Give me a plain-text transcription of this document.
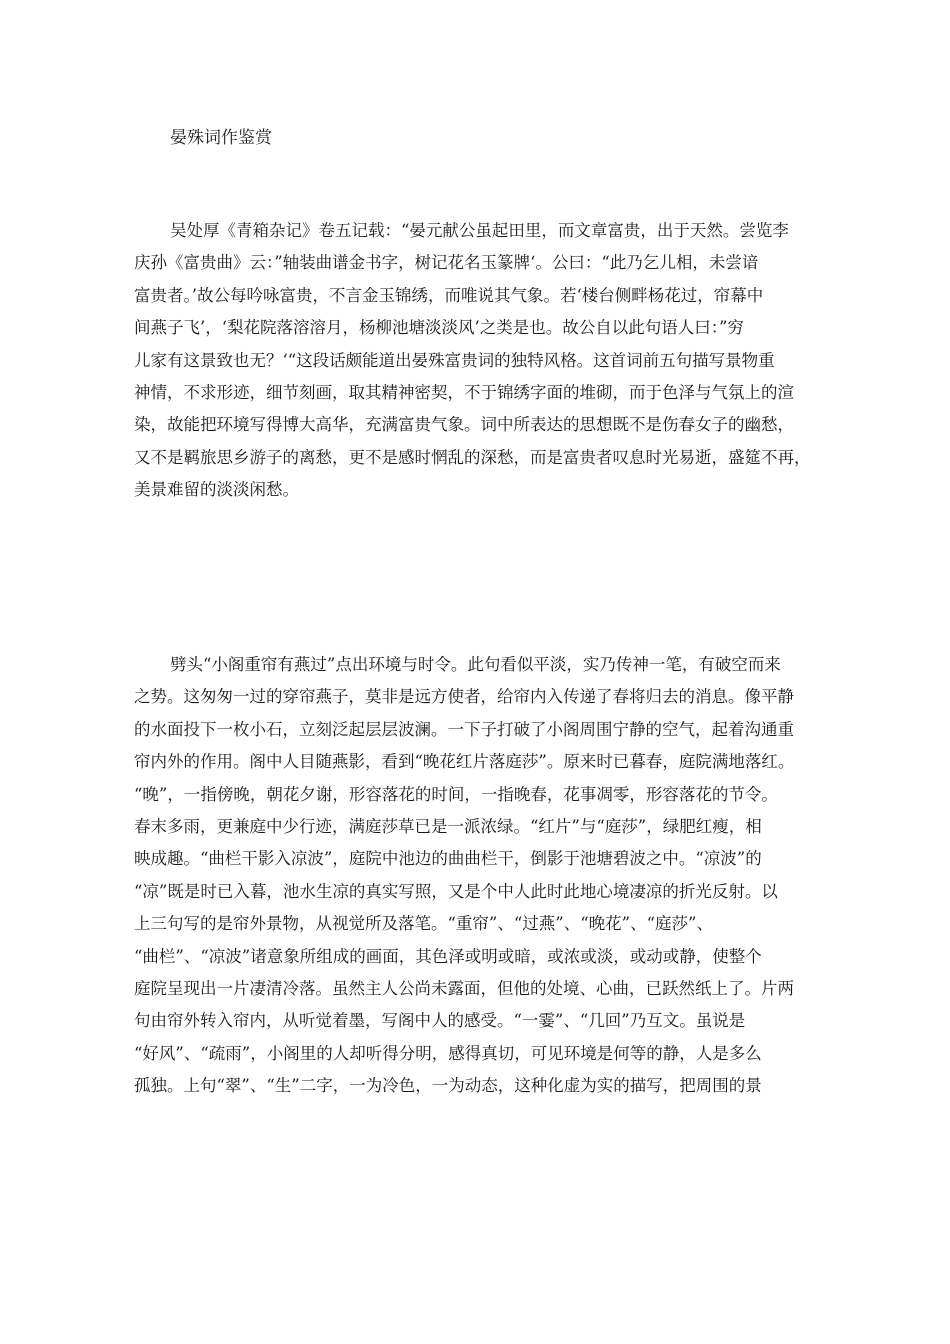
晏殊词作鉴赏
吴处厚《青箱杂记》卷五记载：“晏元献公虽起田里，而文章富贵，出于天然。尝览李
庆孙《富贵曲》云：”轴装曲谱金书字，树记花名玉篆牌‘。公曰：“此乃乞儿相，未尝谙
富贵者。’故公每吟咏富贵，不言金玉锦绣，而唯说其气象。若‘楼台侧畔杨花过，帘幕中
间燕子飞’，‘梨花院落溶溶月，杨柳池塘淡淡风’之类是也。故公自以此句语人曰：”穷
儿家有这景致也无？‘“这段话颇能道出晏殊富贵词的独特风格。这首词前五句描写景物重
神情，不求形迹，细节刻画，取其精神密契，不于锦绣字面的堆砌，而于色泽与气氛上的渲
染，故能把环境写得博大高华，充满富贵气象。词中所表达的思想既不是伤春女子的幽愁，
又不是羁旅思乡游子的离愁，更不是感时惘乱的深愁，而是富贵者叹息时光易逝，盛筵不再，
美景难留的淡淡闲愁。
劈头“小阁重帘有燕过”点出环境与时令。此句看似平淡，实乃传神一笔，有破空而来
之势。这匆匆一过的穿帘燕子，莫非是远方使者，给帘内入传递了春将归去的消息。像平静
的水面投下一枚小石，立刻泛起层层波澜。一下子打破了小阁周围宁静的空气，起着沟通重
帘内外的作用。阁中人目随燕影，看到“晚花红片落庭莎”。原来时已暮春，庭院满地落红。
“晚”，一指傍晚，朝花夕谢，形容落花的时间，一指晚春，花事凋零，形容落花的节令。
春末多雨，更兼庭中少行迹，满庭莎草已是一派浓绿。“红片”与“庭莎”，绿肥红瘦，相
映成趣。“曲栏干影入凉波”，庭院中池边的曲曲栏干，倒影于池塘碧波之中。“凉波”的
“凉”既是时已入暮，池水生凉的真实写照，又是个中人此时此地心境凄凉的折光反射。以
上三句写的是帘外景物，从视觉所及落笔。“重帘”、“过燕”、“晚花”、“庭莎”、
“曲栏”、“凉波”诸意象所组成的画面，其色泽或明或暗，或浓或淡，或动或静，使整个
庭院呈现出一片凄清冷落。虽然主人公尚未露面，但他的处境、心曲，已跃然纸上了。片两
句由帘外转入帘内，从听觉着墨，写阁中人的感受。“一霎”、“几回”乃互文。虽说是
“好风”、“疏雨”，小阁里的人却听得分明，感得真切，可见环境是何等的静，人是多么
孤独。上句“翠”、“生”二字，一为冷色，一为动态，这种化虚为实的描写，把周围的景
